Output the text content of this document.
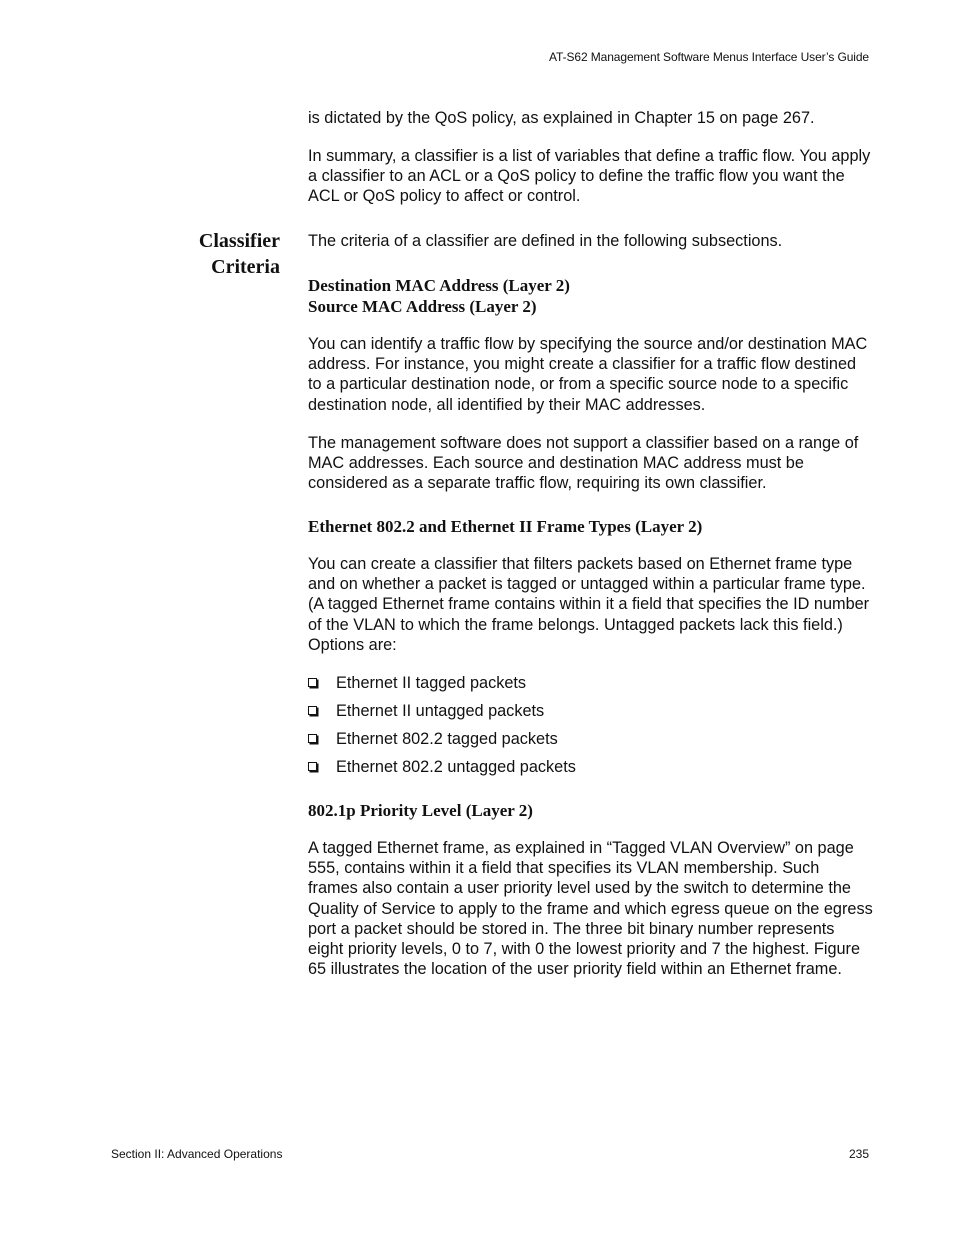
AT-S62 Management Software Menus Interface User’s Guide

is dictated by the QoS policy, as explained in Chapter 15 on page 267.

In summary, a classifier is a list of variables that define a traffic flow. You apply a classifier to an ACL or a QoS policy to define the traffic flow you want the ACL or QoS policy to affect or control.

Classifier
Criteria

The criteria of a classifier are defined in the following subsections.

Destination MAC Address (Layer 2)

Source MAC Address (Layer 2)

You can identify a traffic flow by specifying the source and/or destination MAC address. For instance, you might create a classifier for a traffic flow destined to a particular destination node, or from a specific source node to a specific destination node, all identified by their MAC addresses.

The management software does not support a classifier based on a range of MAC addresses. Each source and destination MAC address must be considered as a separate traffic flow, requiring its own classifier.

Ethernet 802.2 and Ethernet II Frame Types (Layer 2)

You can create a classifier that filters packets based on Ethernet frame type and on whether a packet is tagged or untagged within a particular frame type. (A tagged Ethernet frame contains within it a field that specifies the ID number of the VLAN to which the frame belongs. Untagged packets lack this field.) Options are:

Ethernet II tagged packets
Ethernet II untagged packets
Ethernet 802.2 tagged packets
Ethernet 802.2 untagged packets

802.1p Priority Level (Layer 2)

A tagged Ethernet frame, as explained in “Tagged VLAN Overview” on page 555, contains within it a field that specifies its VLAN membership. Such frames also contain a user priority level used by the switch to determine the Quality of Service to apply to the frame and which egress queue on the egress port a packet should be stored in. The three bit binary number represents eight priority levels, 0 to 7, with 0 the lowest priority and 7 the highest. Figure 65 illustrates the location of the user priority field within an Ethernet frame.

Section II: Advanced Operations	235
